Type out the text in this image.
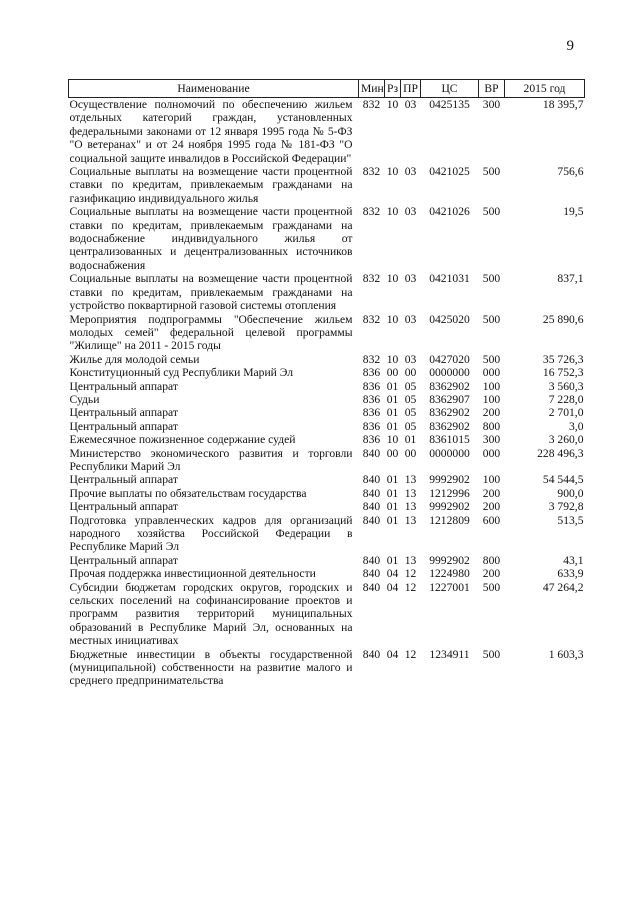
9
Наименование	Мин	Рз	ПР	ЦС	ВР	2015 год
Осуществление полномочий по обеспечению жильем отдельных категорий граждан, установленных федеральными законами от 12 января 1995 года № 5-ФЗ "О ветеранах" и от 24 ноября 1995 года № 181-ФЗ "О социальной защите инвалидов в Российской Федерации"	832	10	03	0425135	300	18 395,7
Социальные выплаты на возмещение части процентной ставки по кредитам, привлекаемым гражданами на газификацию индивидуального жилья	832	10	03	0421025	500	756,6
Социальные выплаты на возмещение части процентной ставки по кредитам, привлекаемым гражданами на водоснабжение индивидуального жилья от централизованных и децентрализованных источников водоснабжения	832	10	03	0421026	500	19,5
Социальные выплаты на возмещение части процентной ставки по кредитам, привлекаемым гражданами на устройство поквартирной газовой системы отопления	832	10	03	0421031	500	837,1
Мероприятия подпрограммы "Обеспечение жильем молодых семей" федеральной целевой программы "Жилище" на 2011 - 2015 годы	832	10	03	0425020	500	25 890,6
Жилье для молодой семьи	832	10	03	0427020	500	35 726,3
Конституционный суд Республики Марий Эл	836	00	00	0000000	000	16 752,3
Центральный аппарат	836	01	05	8362902	100	3 560,3
Судьи	836	01	05	8362907	100	7 228,0
Центральный аппарат	836	01	05	8362902	200	2 701,0
Центральный аппарат	836	01	05	8362902	800	3,0
Ежемесячное пожизненное содержание судей	836	10	01	8361015	300	3 260,0
Министерство экономического развития и торговли Республики Марий Эл	840	00	00	0000000	000	228 496,3
Центральный аппарат	840	01	13	9992902	100	54 544,5
Прочие выплаты по обязательствам государства	840	01	13	1212996	200	900,0
Центральный аппарат	840	01	13	9992902	200	3 792,8
Подготовка управленческих кадров для организаций народного хозяйства Российской Федерации в Республике Марий Эл	840	01	13	1212809	600	513,5
Центральный аппарат	840	01	13	9992902	800	43,1
Прочая поддержка инвестиционной деятельности	840	04	12	1224980	200	633,9
Субсидии бюджетам городских округов, городских и сельских поселений на софинансирование проектов и программ развития территорий муниципальных образований в Республике Марий Эл, основанных на местных инициативах	840	04	12	1227001	500	47 264,2
Бюджетные инвестиции в объекты государственной (муниципальной) собственности на развитие малого и среднего предпринимательства	840	04	12	1234911	500	1 603,3
